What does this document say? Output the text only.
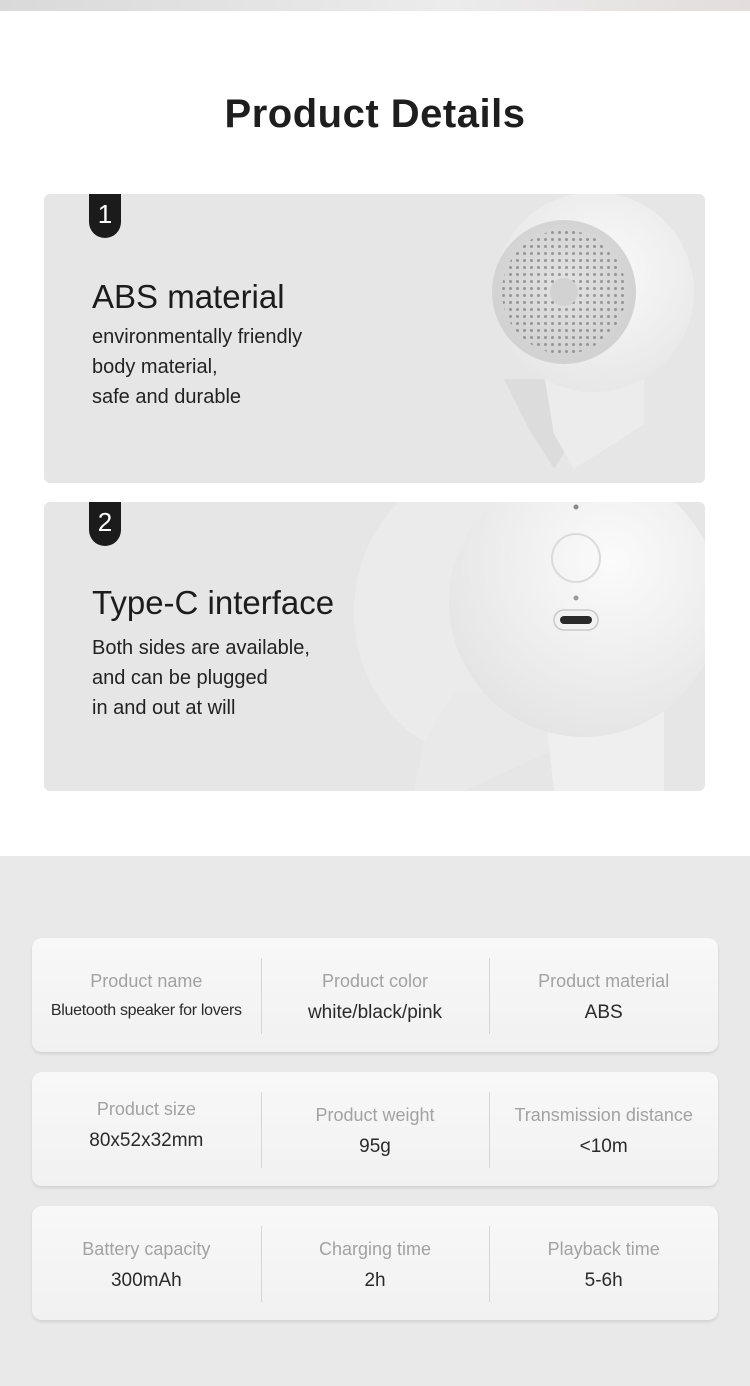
Product Details
1
ABS material
environmentally friendly
body material,
safe and durable
2
Type-C interface
Both sides are available,
and can be plugged
in and out at will
Product name
Bluetooth speaker for lovers
Product color
white/black/pink
Product material
ABS
Product size
80x52x32mm
Product weight
95g
Transmission distance
<10m
Battery capacity
300mAh
Charging time
2h
Playback time
5-6h
